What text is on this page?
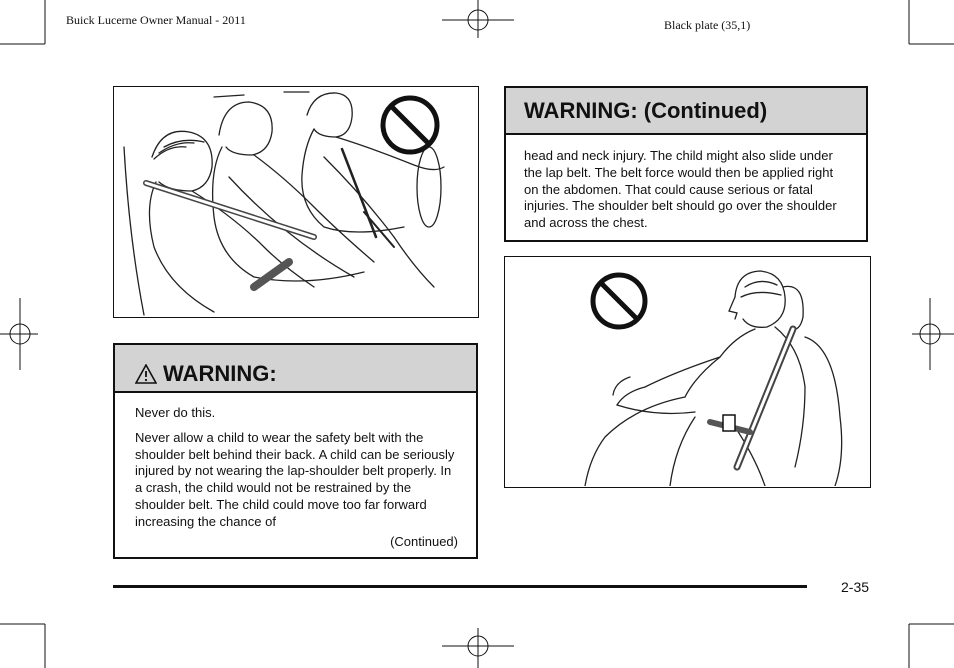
Buick Lucerne Owner Manual - 2011	Black plate (35,1)
WARNING:

Never do this.

Never allow a child to wear the safety belt with the shoulder belt behind their back. A child can be seriously injured by not wearing the lap-shoulder belt properly. In a crash, the child would not be restrained by the shoulder belt. The child could move too far forward increasing the chance of

(Continued)
WARNING: (Continued)
head and neck injury. The child might also slide under the lap belt. The belt force would then be applied right on the abdomen. That could cause serious or fatal injuries. The shoulder belt should go over the shoulder and across the chest.
2-35
